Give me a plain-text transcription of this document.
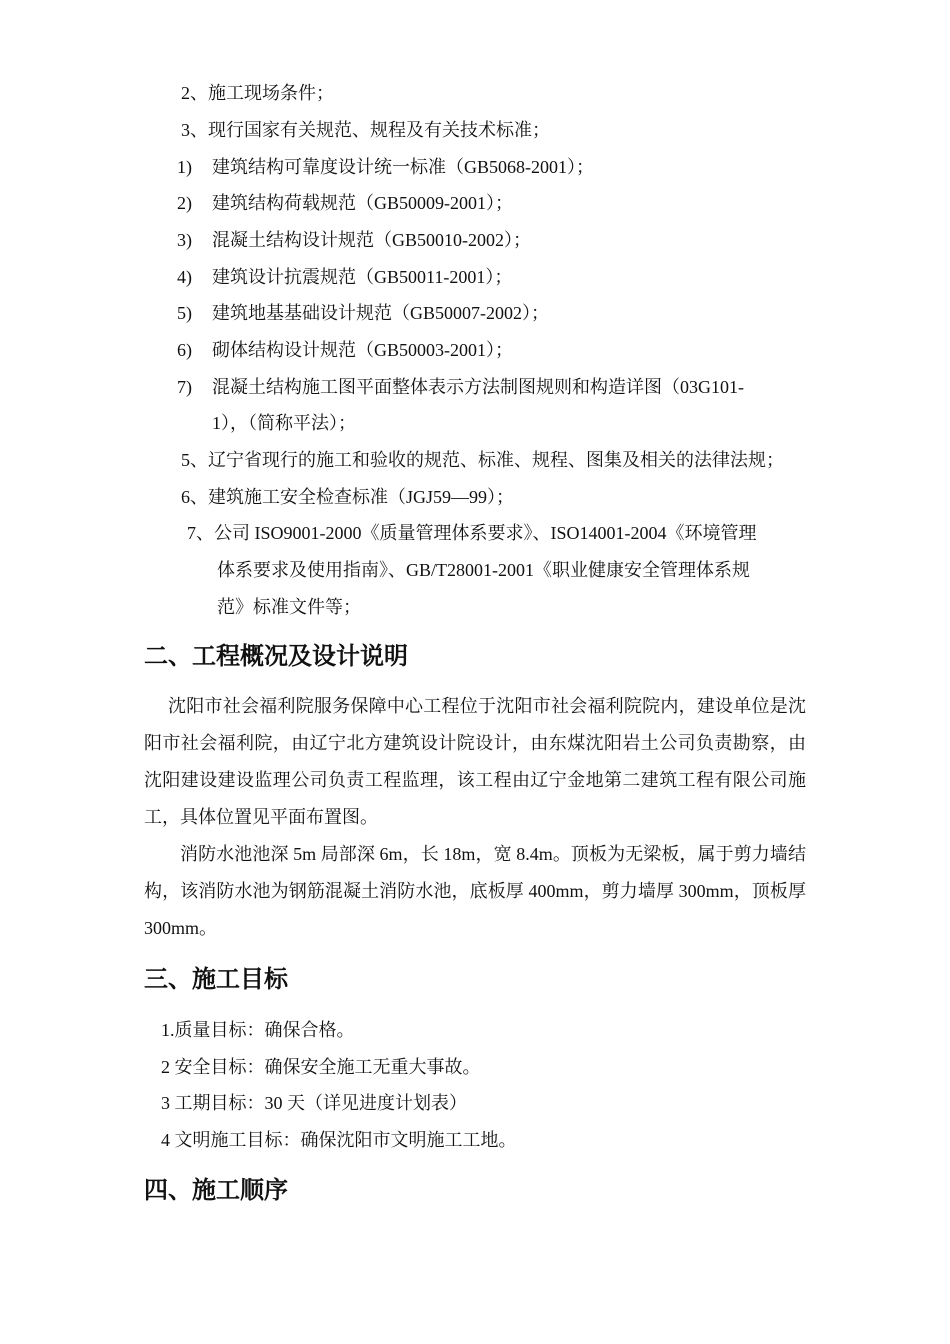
2、施工现场条件；
3、现行国家有关规范、规程及有关技术标准；
1) 建筑结构可靠度设计统一标准（GB5068-2001）；
2) 建筑结构荷载规范（GB50009-2001）；
3) 混凝土结构设计规范（GB50010-2002）；
4) 建筑设计抗震规范（GB50011-2001）；
5) 建筑地基基础设计规范（GB50007-2002）；
6) 砌体结构设计规范（GB50003-2001）；
7) 混凝土结构施工图平面整体表示方法制图规则和构造详图（03G101-
1），（简称平法）；
5、辽宁省现行的施工和验收的规范、标准、规程、图集及相关的法律法规；
6、建筑施工安全检查标准（JGJ59—99）；
7、公司 ISO9001-2000《质量管理体系要求》、ISO14001-2004《环境管理
体系要求及使用指南》、GB/T28001-2001《职业健康安全管理体系规
范》标准文件等；
二、工程概况及设计说明
沈阳市社会福利院服务保障中心工程位于沈阳市社会福利院院内，建设单位是沈阳市社会福利院，由辽宁北方建筑设计院设计，由东煤沈阳岩土公司负责勘察，由沈阳建设建设监理公司负责工程监理，该工程由辽宁金地第二建筑工程有限公司施工，具体位置见平面布置图。
消防水池池深 5m 局部深 6m，长 18m，宽 8.4m。顶板为无梁板，属于剪力墙结构，该消防水池为钢筋混凝土消防水池，底板厚 400mm，剪力墙厚 300mm，顶板厚 300mm。
三、施工目标
1.质量目标：确保合格。
2 安全目标：确保安全施工无重大事故。
3 工期目标：30 天（详见进度计划表）
4 文明施工目标：确保沈阳市文明施工工地。
四、施工顺序
